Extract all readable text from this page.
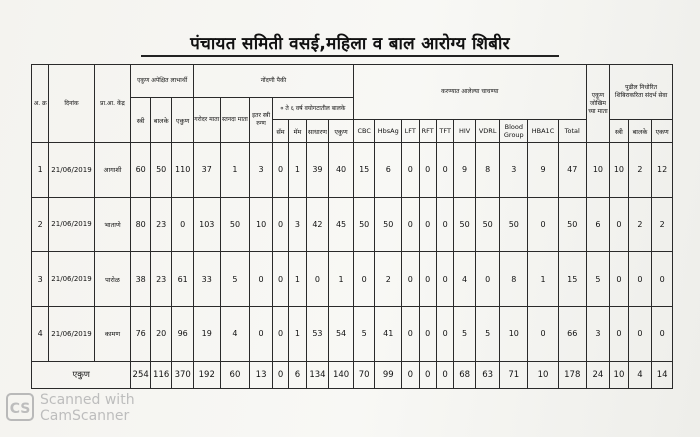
पंचायत समिती वसई,महिला व बाल आरोग्य शिबीर
अ. क्र	दिनांक	प्रा.आ. केंद्र	एकुण अपेक्षित लाभार्थी			नोंदणी पैकी							करण्यात आलेल्या चाचण्या										एकूण जोखिम च्या माता	पुढील निधोरित शिबिराकरिता संदर्भ सेवा		
			स्त्री	बालके	एकुण	गरोदर माता	स्तनदा माता	इतर स्त्री रुग्ण	० ते ६ वर्ष वयोगटातील बालके																	
									सॅम	मॅम	साधारण	एकुण	CBC	HbsAg	LFT	RFT	TFT	HIV	VDRL	Blood Group	HBA1C	Total		स्त्री	बालके	एकण
1	21/06/2019	आगाशी	60	50	110	37	1	3	0	1	39	40	15	6	0	0	0	9	8	3	9	47	10	10	2	12
2	21/06/2019	भाताणे	80	23	0	103	50	10	0	3	42	45	50	50	0	0	0	50	50	50	0	50	6	0	2	2
3	21/06/2019	पारोळ	38	23	61	33	5	0	0	1	0	1	0	2	0	0	0	4	0	8	1	15	5	0	0	0
4	21/06/2019	कामण	76	20	96	19	4	0	0	1	53	54	5	41	0	0	0	5	5	10	0	66	3	0	0	0
एकुण			254	116	370	192	60	13	0	6	134	140	70	99	0	0	0	68	63	71	10	178	24	10	4	14
CS
Scanned with
CamScanner
